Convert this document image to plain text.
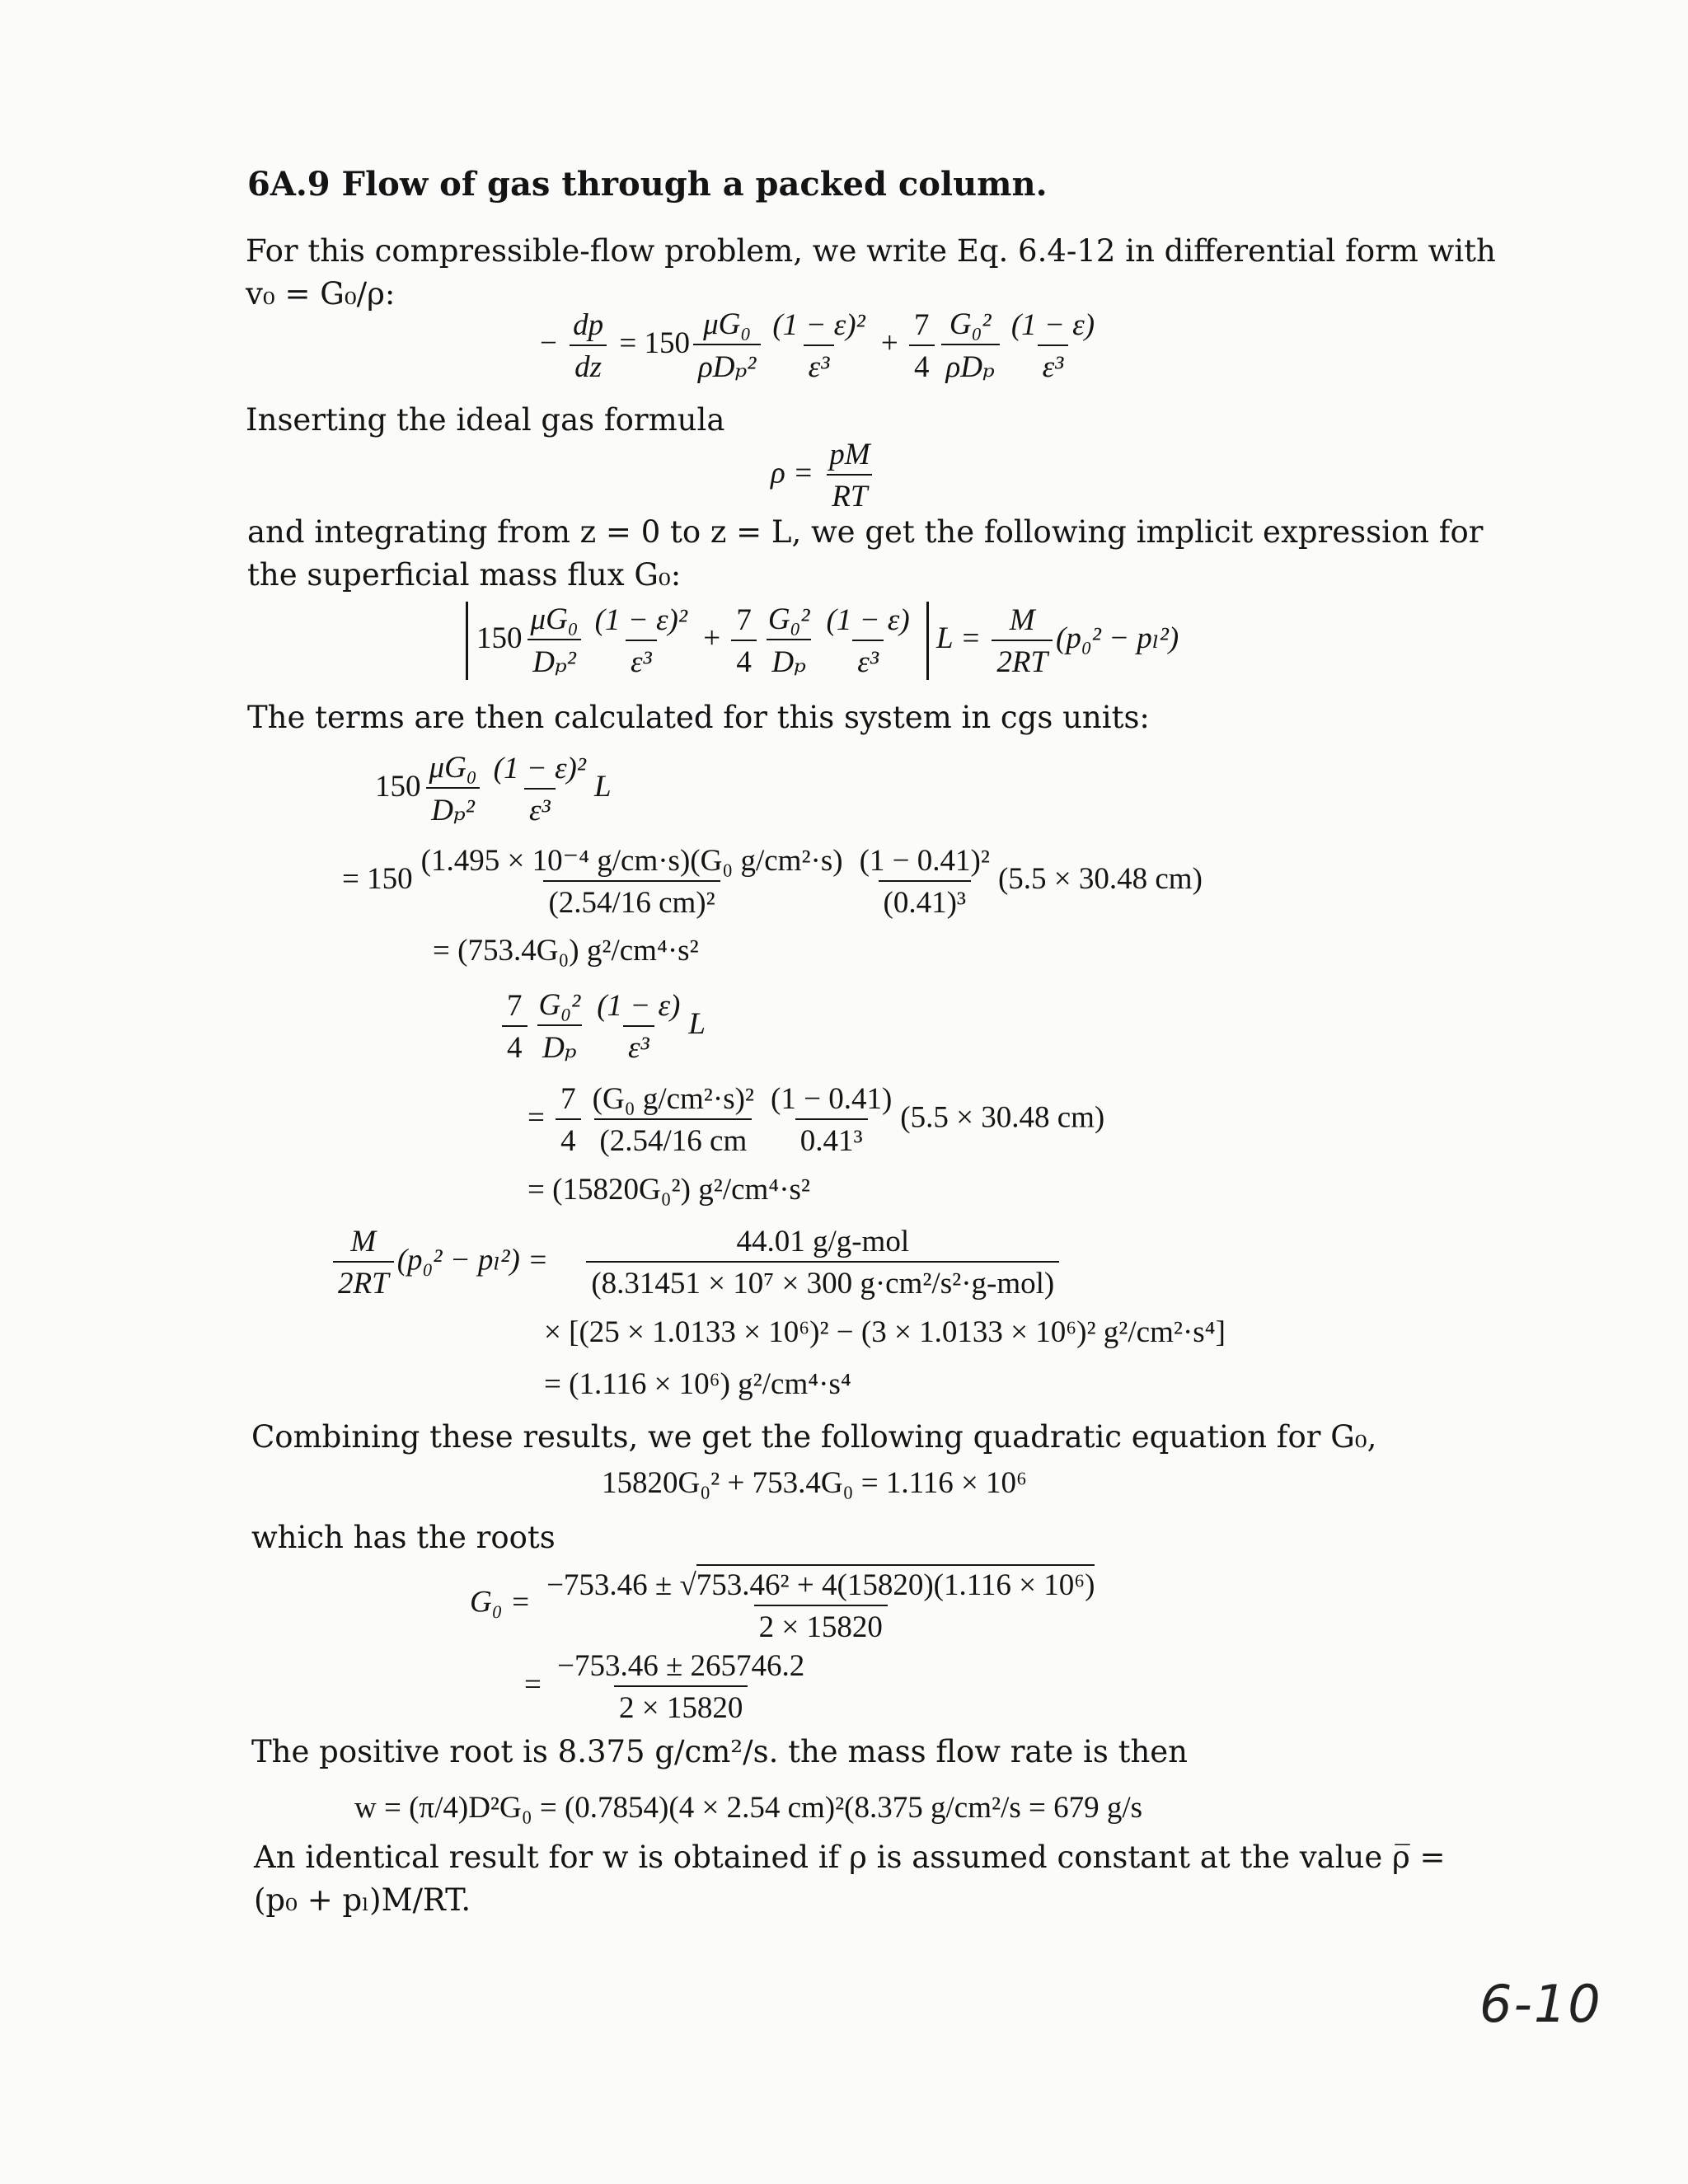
6A.9 Flow of gas through a packed column.
For this compressible-flow problem, we write Eq. 6.4-12 in differential form with
v₀ = G₀/ρ:
− $\frac{dp}{dz} = 150 \frac{\text{μG₀}}{\text{ρDₚ²}} \frac{\text{(1 − ε)²}}{\text{ε³}} + \frac{7}{4} \frac{\text{G₀²}}{\text{ρDₚ}} \frac{(1 - \varepsilon)}{\text{ε³}}$
Inserting the ideal gas formula
$\rho = \frac{pM}{RT}$
and integrating from z = 0 to z = L, we get the following implicit expression for
the superficial mass flux G₀:
$150 \frac{\text{μG₀}}{\text{Dₚ²}} \frac{\text{(1 − ε)²}}{\text{ε³}} + \frac{7}{4} \frac{\text{G₀²}}{\text{Dₚ}} \frac{(1 - \varepsilon)}{\text{ε³}}$ $L = \frac{M}{2RT} (p_0^2 - p_l^2)$
The terms are then calculated for this system in cgs units:
$150 \frac{\text{μG₀}}{\text{Dₚ²}} \frac{\text{(1 − ε)²}}{\text{ε³}}$ L
= $150 \frac{\text{(1.495 × 10⁻⁴ g/cm·s)(G₀ g/cm²·s)}}{\text{(2.54/16 cm)²}} \frac{\text{(1 − 0.41)²}}{\text{(0.41)³}} (5.5 \times 30.48$ cm)
= (753.4G₀) g²/cm⁴·s²
$\frac{7}{4} \frac{\text{G₀²}}{\text{Dₚ}} \frac{(1 - \varepsilon)}{\text{ε³}}$ L
= $\frac{7}{4} \frac{\text{(G₀ g/cm²·s)²}}{(2.54/16 cm} \frac{(1 - 0.41)}{\text{0.41³}} (5.5 \times 30.48$ cm)
= (15820G₀²) g²/cm⁴·s²
$\frac{M}{2RT} (p_0^2 - p_l^2) = \frac{\text{44.01 g/g-mol}}{\text{(8.31451 × 10⁷ × 300 g·cm²/s²·g-mol)}}$
× [(25 × 1.0133 × 10⁶)² − (3 × 1.0133 × 10⁶)² g²/cm²·s⁴]
= (1.116 × 10⁶) g²/cm⁴·s⁴
Combining these results, we get the following quadratic equation for G₀,
15820G₀² + 753.4G₀ = 1.116 × 10⁶
which has the roots
$G_0 = \frac{\text{−753.46 ± √753.46² + 4(15820)(1.116 × 10⁶)}}{2 \times 15820}$
= $\frac{-753.46 \pm 265746.2}{2 \times 15820}$
The positive root is 8.375 g/cm²/s. the mass flow rate is then
w = (π/4)D²G₀ = (0.7854)(4 × 2.54 cm)²(8.375 g/cm²/s = 679 g/s
An identical result for w is obtained if ρ is assumed constant at the value ρ̅ =
(p₀ + pₗ)M/RT.
6-10
